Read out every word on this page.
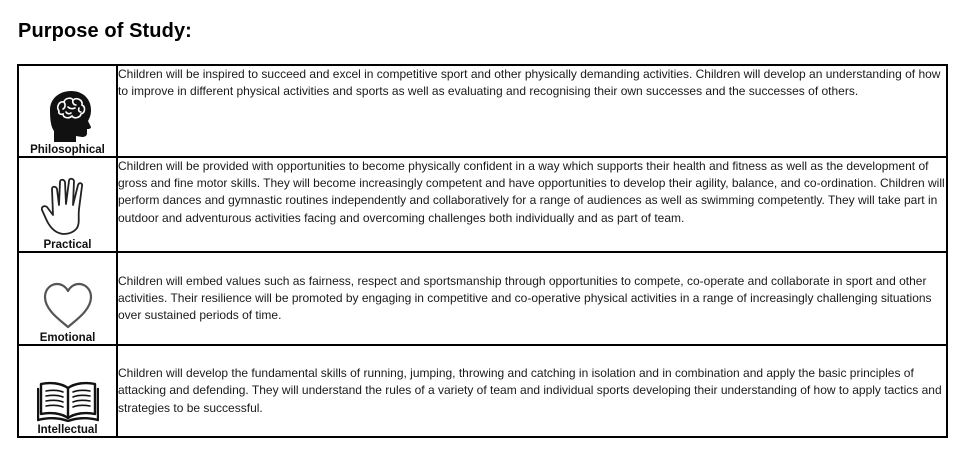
Purpose of Study:
Philosophical	Children will be inspired to succeed and excel in competitive sport and other physically demanding activities. Children will develop an understanding of how to improve in different physical activities and sports as well as evaluating and recognising their own successes and the successes of others.

Practical	Children will be provided with opportunities to become physically confident in a way which supports their health and fitness as well as the development of gross and fine motor skills. They will become increasingly competent and have opportunities to develop their agility, balance, and co-ordination. Children will perform dances and gymnastic routines independently and collaboratively for a range of audiences as well as swimming competently. They will take part in outdoor and adventurous activities facing and overcoming challenges both individually and as part of team.

Emotional	Children will embed values such as fairness, respect and sportsmanship through opportunities to compete, co-operate and collaborate in sport and other activities. Their resilience will be promoted by engaging in competitive and co-operative physical activities in a range of increasingly challenging situations over sustained periods of time.

Intellectual	Children will develop the fundamental skills of running, jumping, throwing and catching in isolation and in combination and apply the basic principles of attacking and defending. They will understand the rules of a variety of team and individual sports developing their understanding of how to apply tactics and strategies to be successful.
